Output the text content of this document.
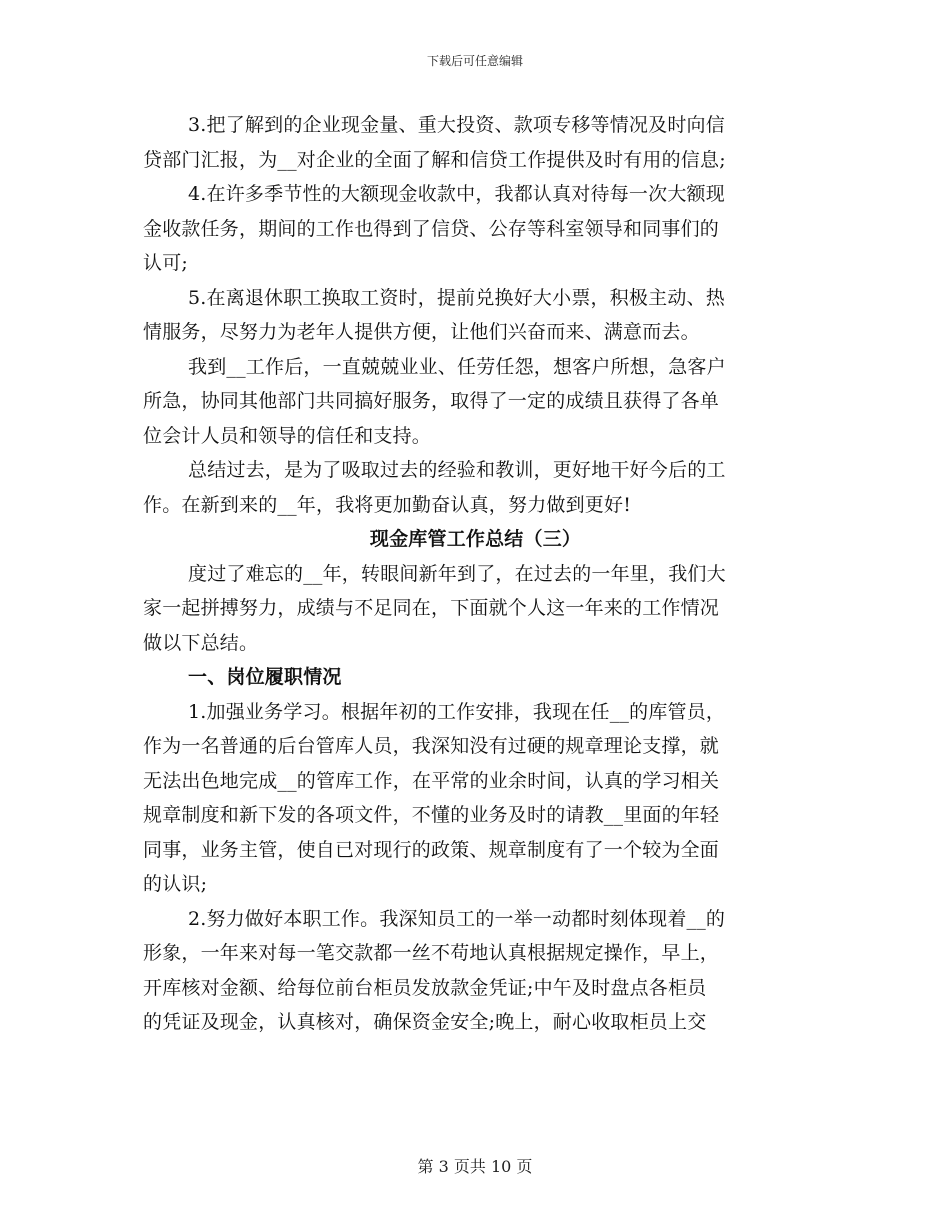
下载后可任意编辑
3.把了解到的企业现金量、重大投资、款项专移等情况及时向信
贷部门汇报，为__对企业的全面了解和信贷工作提供及时有用的信息;
4.在许多季节性的大额现金收款中，我都认真对待每一次大额现
金收款任务，期间的工作也得到了信贷、公存等科室领导和同事们的
认可;
5.在离退休职工换取工资时，提前兑换好大小票，积极主动、热
情服务，尽努力为老年人提供方便，让他们兴奋而来、满意而去。
我到__工作后，一直兢兢业业、任劳任怨，想客户所想，急客户
所急，协同其他部门共同搞好服务，取得了一定的成绩且获得了各单
位会计人员和领导的信任和支持。
总结过去，是为了吸取过去的经验和教训，更好地干好今后的工
作。在新到来的__年，我将更加勤奋认真，努力做到更好!
现金库管工作总结（三）
度过了难忘的__年，转眼间新年到了，在过去的一年里，我们大
家一起拼搏努力，成绩与不足同在，下面就个人这一年来的工作情况
做以下总结。
一、岗位履职情况
1.加强业务学习。根据年初的工作安排，我现在任__的库管员，
作为一名普通的后台管库人员，我深知没有过硬的规章理论支撑，就
无法出色地完成__的管库工作，在平常的业余时间，认真的学习相关
规章制度和新下发的各项文件，不懂的业务及时的请教__里面的年轻
同事，业务主管，使自已对现行的政策、规章制度有了一个较为全面
的认识;
2.努力做好本职工作。我深知员工的一举一动都时刻体现着__的
形象，一年来对每一笔交款都一丝不苟地认真根据规定操作，早上，
开库核对金额、给每位前台柜员发放款金凭证;中午及时盘点各柜员
的凭证及现金，认真核对，确保资金安全;晚上，耐心收取柜员上交
第 3 页共 10 页
